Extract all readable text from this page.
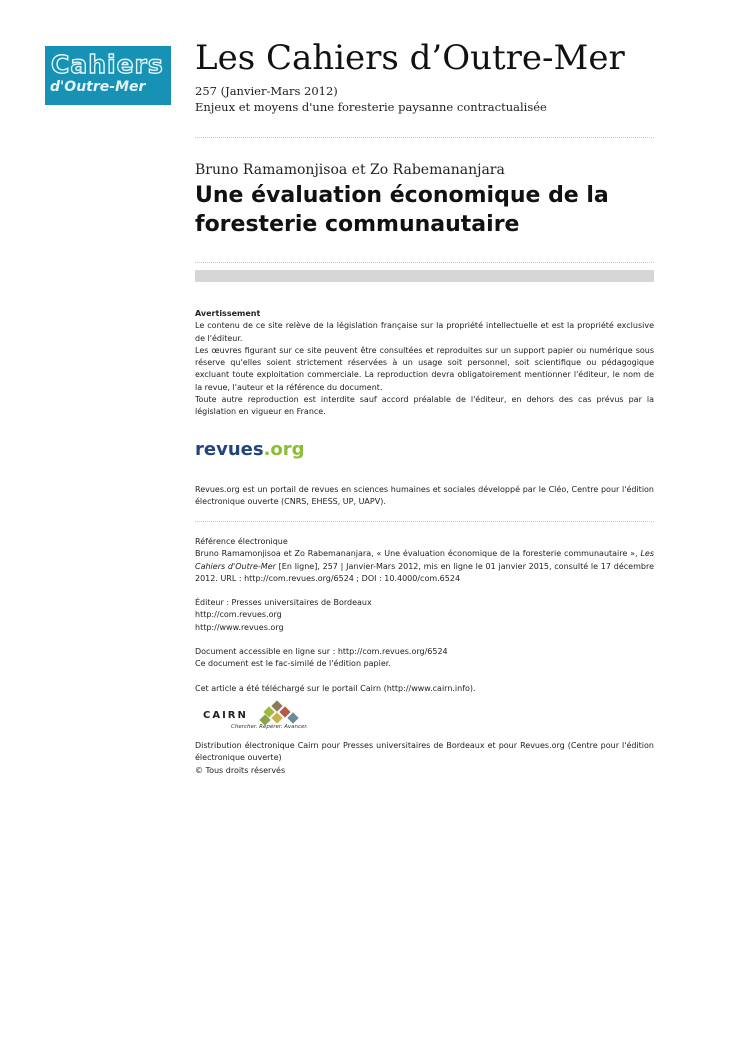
Cahiers
d'Outre-Mer
Les Cahiers d’Outre-Mer
257 (Janvier-Mars 2012)
Enjeux et moyens d'une foresterie paysanne contractualisée
Bruno Ramamonjisoa et Zo Rabemananjara
Une évaluation économique de la foresterie communautaire
Avertissement
Le contenu de ce site relève de la législation française sur la propriété intellectuelle et est la propriété exclusive de l'éditeur.
Les œuvres figurant sur ce site peuvent être consultées et reproduites sur un support papier ou numérique sous réserve qu'elles soient strictement réservées à un usage soit personnel, soit scientifique ou pédagogique excluant toute exploitation commerciale. La reproduction devra obligatoirement mentionner l'éditeur, le nom de la revue, l'auteur et la référence du document.
Toute autre reproduction est interdite sauf accord préalable de l'éditeur, en dehors des cas prévus par la législation en vigueur en France.
revues.org
Revues.org est un portail de revues en sciences humaines et sociales développé par le Cléo, Centre pour l'édition électronique ouverte (CNRS, EHESS, UP, UAPV).

Référence électronique

Bruno Ramamonjisoa et Zo Rabemananjara, « Une évaluation économique de la foresterie communautaire », Les Cahiers d'Outre-Mer [En ligne], 257 | Janvier-Mars 2012, mis en ligne le 01 janvier 2015, consulté le 17 décembre 2012. URL : http://com.revues.org/6524 ; DOI : 10.4000/com.6524

Éditeur : Presses universitaires de Bordeaux

http://com.revues.org

http://www.revues.org

Document accessible en ligne sur : http://com.revues.org/6524

Ce document est le fac-similé de l'édition papier.

Cet article a été téléchargé sur le portail Cairn (http://www.cairn.info).

CAIRN
Chercher. Repérer. Avancer.
Distribution électronique Cairn pour Presses universitaires de Bordeaux et pour Revues.org (Centre pour l'édition électronique ouverte)
© Tous droits réservés
